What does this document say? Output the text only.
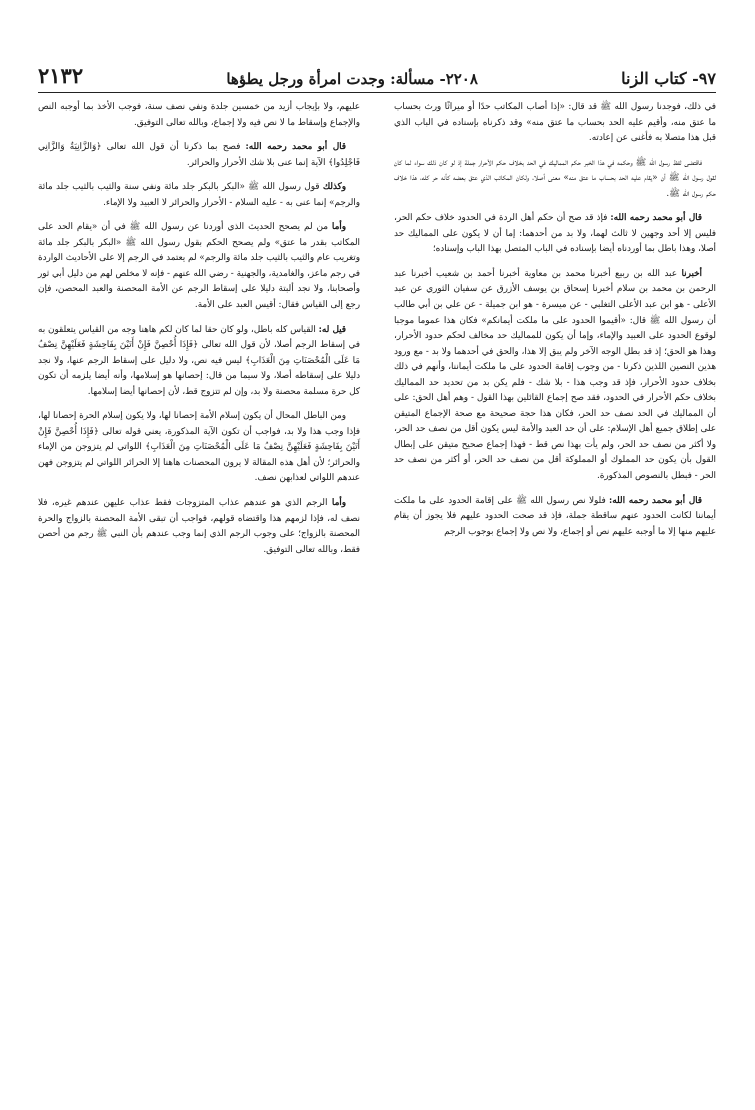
٢١٣٢	٢٢٠٨- مسألة: وجدت امرأة ورجل يطؤها	٩٧- كتاب الزنا

في ذلك، فوجدنا رسول الله ﷺ قد قال: «إذا أصاب المكاتب حدًا أو ميراثًا ورث بحساب ما عتق منه، وأقيم عليه الحد بحساب ما عتق منه» وقد ذكرناه بإسناده في الباب الذي قبل هذا متصلا به فأغنى عن إعادته.

فاقتضى لفظ رسول الله ﷺ وحكمه في هذا الخبر حكم المماليك في الحد بخلاف حكم الأحرار جملة إذ لو كان ذلك سواء لما كان لقول رسول الله ﷺ أن «يقام عليه الحد بحساب ما عتق منه» معنى أصلا، ولكان المكاتب الذي عتق بعضه كأنه حر كله، هذا خلاف حكم رسول الله ﷺ.

قال أبو محمد رحمه الله: فإذ قد صح أن حكم أهل الردة في الحدود خلاف حكم الحر، فليس إلا أحد وجهين لا ثالث لهما، ولا بد من أحدهما: إما أن لا يكون على المماليك حد أصلا، وهذا باطل بما أوردناه أيضا بإسناده في الباب المتصل بهذا الباب وإسناده؛

أخبرنا عبد الله بن ربيع أخبرنا محمد بن معاوية أخبرنا أحمد بن شعيب أخبرنا عبد الرحمن بن محمد بن سلام أخبرنا إسحاق بن يوسف الأزرق عن سفيان الثوري عن عبد الأعلى - هو ابن عبد الأعلى التغلبي - عن ميسرة - هو ابن جميلة - عن علي بن أبي طالب أن رسول الله ﷺ قال: «أقيموا الحدود على ما ملكت أيمانكم» فكان هذا عموما موجبا لوقوع الحدود على العبيد والإماء، وإما أن يكون للمماليك حد مخالف لحكم حدود الأحرار، وهذا هو الحق؛ إذ قد بطل الوجه الآخر ولم يبق إلا هذا، والحق في أحدهما ولا بد - مع ورود هذين النصين اللذين ذكرنا - من وجوب إقامة الحدود على ما ملكت أيماننا، وأنهم في ذلك بخلاف حدود الأحرار، فإذ قد وجب هذا - بلا شك - فلم يكن بد من تحديد حد المماليك بخلاف حكم الأحرار في الحدود، فقد صح إجماع القائلين بهذا القول - وهم أهل الحق: على أن المماليك في الحد نصف حد الحر، فكان هذا حجة صحيحة مع صحة الإجماع المتيقن على إطلاق جميع أهل الإسلام: على أن حد العبد والأمة ليس يكون أقل من نصف حد الحر، ولا أكثر من نصف حد الحر، ولم يأت بهذا نص قط - فهذا إجماع صحيح متيقن على إبطال القول بأن يكون حد المملوك أو المملوكة أقل من نصف حد الحر، أو أكثر من نصف حد الحر - فبطل بالنصوص المذكورة.

قال أبو محمد رحمه الله: فلولا نص رسول الله ﷺ على إقامة الحدود على ما ملكت أيماننا لكانت الحدود عنهم ساقطة جملة، فإذ قد صحت الحدود عليهم فلا يجوز أن يقام عليهم منها إلا ما أوجبه عليهم نص أو إجماع، ولا نص ولا إجماع بوجوب الرجم

عليهم، ولا بإيجاب أزيد من خمسين جلدة ونفي نصف سنة، فوجب الأخذ بما أوجبه النص والإجماع وإسقاط ما لا نص فيه ولا إجماع، وبالله تعالى التوفيق.

قال أبو محمد رحمه الله: فصح بما ذكرنا أن قول الله تعالى ﴿وَالزَّانِيَةُ وَالزَّانِي فَاجْلِدُوا﴾ الآية إنما عنى بلا شك الأحرار والحرائر.

وكذلك قول رسول الله ﷺ «البكر بالبكر جلد مائة ونفي سنة والثيب بالثيب جلد مائة والرجم» إنما عنى به - عليه السلام - الأحرار والحرائر لا العبيد ولا الإماء.

وأما من لم يصحح الحديث الذي أوردنا عن رسول الله ﷺ في أن «يقام الحد على المكاتب بقدر ما عتق» ولم يصحح الحكم بقول رسول الله ﷺ «البكر بالبكر جلد مائة وتغريب عام والثيب بالثيب جلد مائة والرجم» لم يعتمد في الرجم إلا على الأحاديث الواردة في رجم ماعز، والغامدية، والجهنية - رضي الله عنهم - فإنه لا مخلص لهم من دليل أبي ثور وأصحابنا، ولا نجد ألبتة دليلا على إسقاط الرجم عن الأمة المحصنة والعبد المحصن، فإن رجع إلى القياس فقال: أقيس العبد على الأمة.

قيل له: القياس كله باطل، ولو كان حقا لما كان لكم هاهنا وجه من القياس يتعلقون به في إسقاط الرجم أصلا، لأن قول الله تعالى ﴿فَإِذَا أُحْصِنَّ فَإِنْ أَتَيْنَ بِفَاحِشَةٍ فَعَلَيْهِنَّ نِصْفُ مَا عَلَى الْمُحْصَنَاتِ مِنَ الْعَذَابِ﴾ ليس فيه نص، ولا دليل على إسقاط الرجم عنها، ولا نجد دليلا على إسقاطه أصلا، ولا سيما من قال: إحصانها هو إسلامها، وأنه أيضا يلزمه أن تكون كل حرة مسلمة محصنة ولا بد، وإن لم تتزوج قط، لأن إحصانها أيضا إسلامها.

ومن الباطل المحال أن يكون إسلام الأمة إحصانا لها، ولا يكون إسلام الحرة إحصانا لها، فإذا وجب هذا ولا بد، فواجب أن تكون الآية المذكورة، يعني قوله تعالى ﴿فَإِذَا أُحْصِنَّ فَإِنْ أَتَيْنَ بِفَاحِشَةٍ فَعَلَيْهِنَّ نِصْفُ مَا عَلَى الْمُحْصَنَاتِ مِنَ الْعَذَابِ﴾ اللواتي لم يتزوجن من الإماء والحرائر؛ لأن أهل هذه المقالة لا يرون المحصنات هاهنا إلا الحرائر اللواتي لم يتزوجن فهن عندهم اللواتي لعذابهن نصف.

وأما الرجم الذي هو عندهم عذاب المتزوجات فقط عذاب عليهن عندهم غيره، فلا نصف له، فإذا لزمهم هذا واقتضاه قولهم، فواجب أن تبقى الأمة المحصنة بالزواج والحرة المحصنة بالزواج؛ على وجوب الرجم الذي إنما وجب عندهم بأن النبي ﷺ رجم من أحصن فقط، وبالله تعالى التوفيق.
